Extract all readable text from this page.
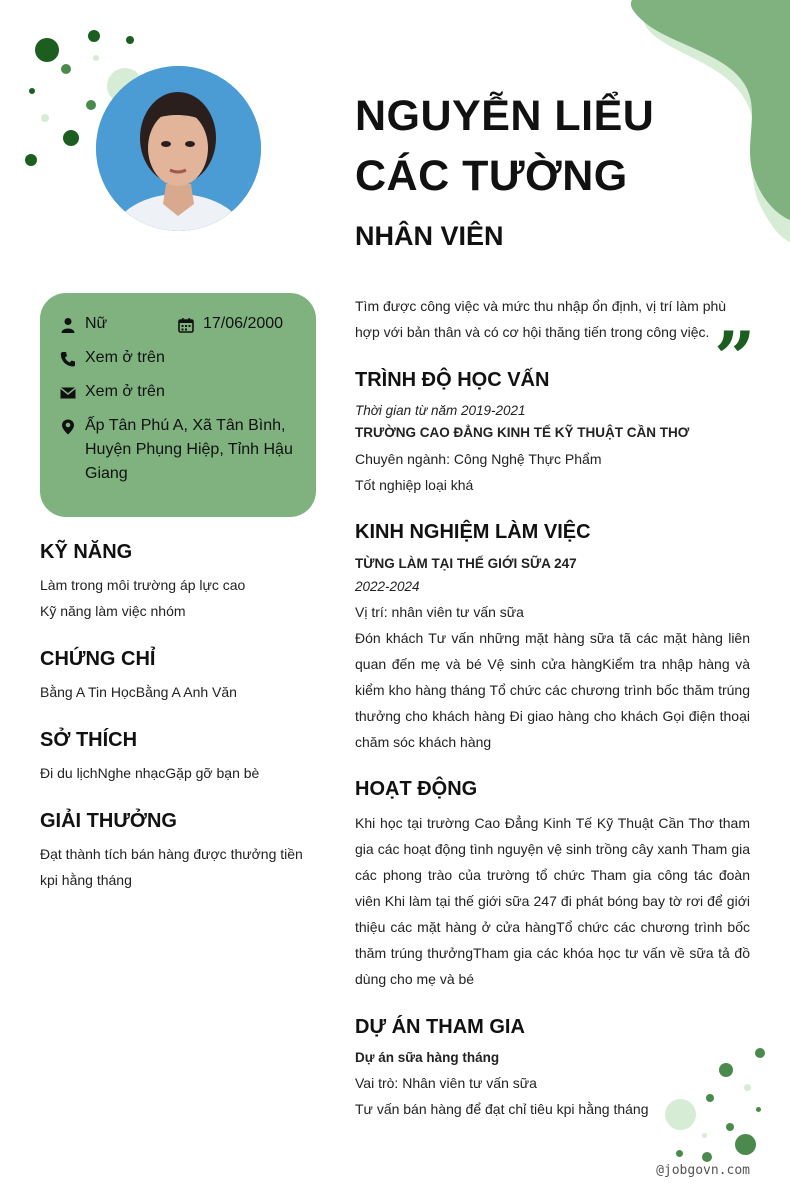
NGUYỄN LIỂU CÁC TƯỜNG
NHÂN VIÊN
Tìm được công việc và mức thu nhập ổn định, vị trí làm phù hợp với bản thân và có cơ hội thăng tiến trong công việc. ”
Nữ	17/06/2000
Xem ở trên
Xem ở trên
Ấp Tân Phú A, Xã Tân Bình, Huyện Phụng Hiệp, Tỉnh Hậu Giang
KỸ NĂNG
Làm trong môi trường áp lực cao
Kỹ năng làm việc nhóm
CHỨNG CHỈ
Bằng A Tin HọcBằng A Anh Văn
SỞ THÍCH
Đi du lịchNghe nhạcGặp gỡ bạn bè
GIẢI THƯỞNG
Đạt thành tích bán hàng được thưởng tiền kpi hằng tháng
TRÌNH ĐỘ HỌC VẤN
Thời gian từ năm 2019-2021
TRƯỜNG CAO ĐẲNG KINH TẾ KỸ THUẬT CẦN THƠ
Chuyên ngành: Công Nghệ Thực Phẩm
Tốt nghiệp loại khá
KINH NGHIỆM LÀM VIỆC
TỪNG LÀM TẠI THẾ GIỚI SỮA 247
2022-2024
Vị trí: nhân viên tư vấn sữa
Đón khách Tư vấn những mặt hàng sữa tã các mặt hàng liên quan đến mẹ và bé Vệ sinh cửa hàngKiểm tra nhập hàng và kiểm kho hàng tháng Tổ chức các chương trình bốc thăm trúng thưởng cho khách hàng Đi giao hàng cho khách Gọi điện thoại chăm sóc khách hàng
HOẠT ĐỘNG
Khi học tại trường Cao Đẳng Kinh Tế Kỹ Thuật Cần Thơ tham gia các hoạt động tình nguyện vệ sinh trồng cây xanh Tham gia các phong trào của trường tổ chức Tham gia công tác đoàn viên Khi làm tại thế giới sữa 247 đi phát bóng bay tờ rơi để giới thiệu các mặt hàng ở cửa hàngTổ chức các chương trình bốc thăm trúng thưởngTham gia các khóa học tư vấn về sữa tả đồ dùng cho mẹ và bé
DỰ ÁN THAM GIA
Dự án sữa hàng tháng
Vai trò: Nhân viên tư vấn sữa
Tư vấn bán hàng để đạt chỉ tiêu kpi hằng tháng
@jobgovn.com
